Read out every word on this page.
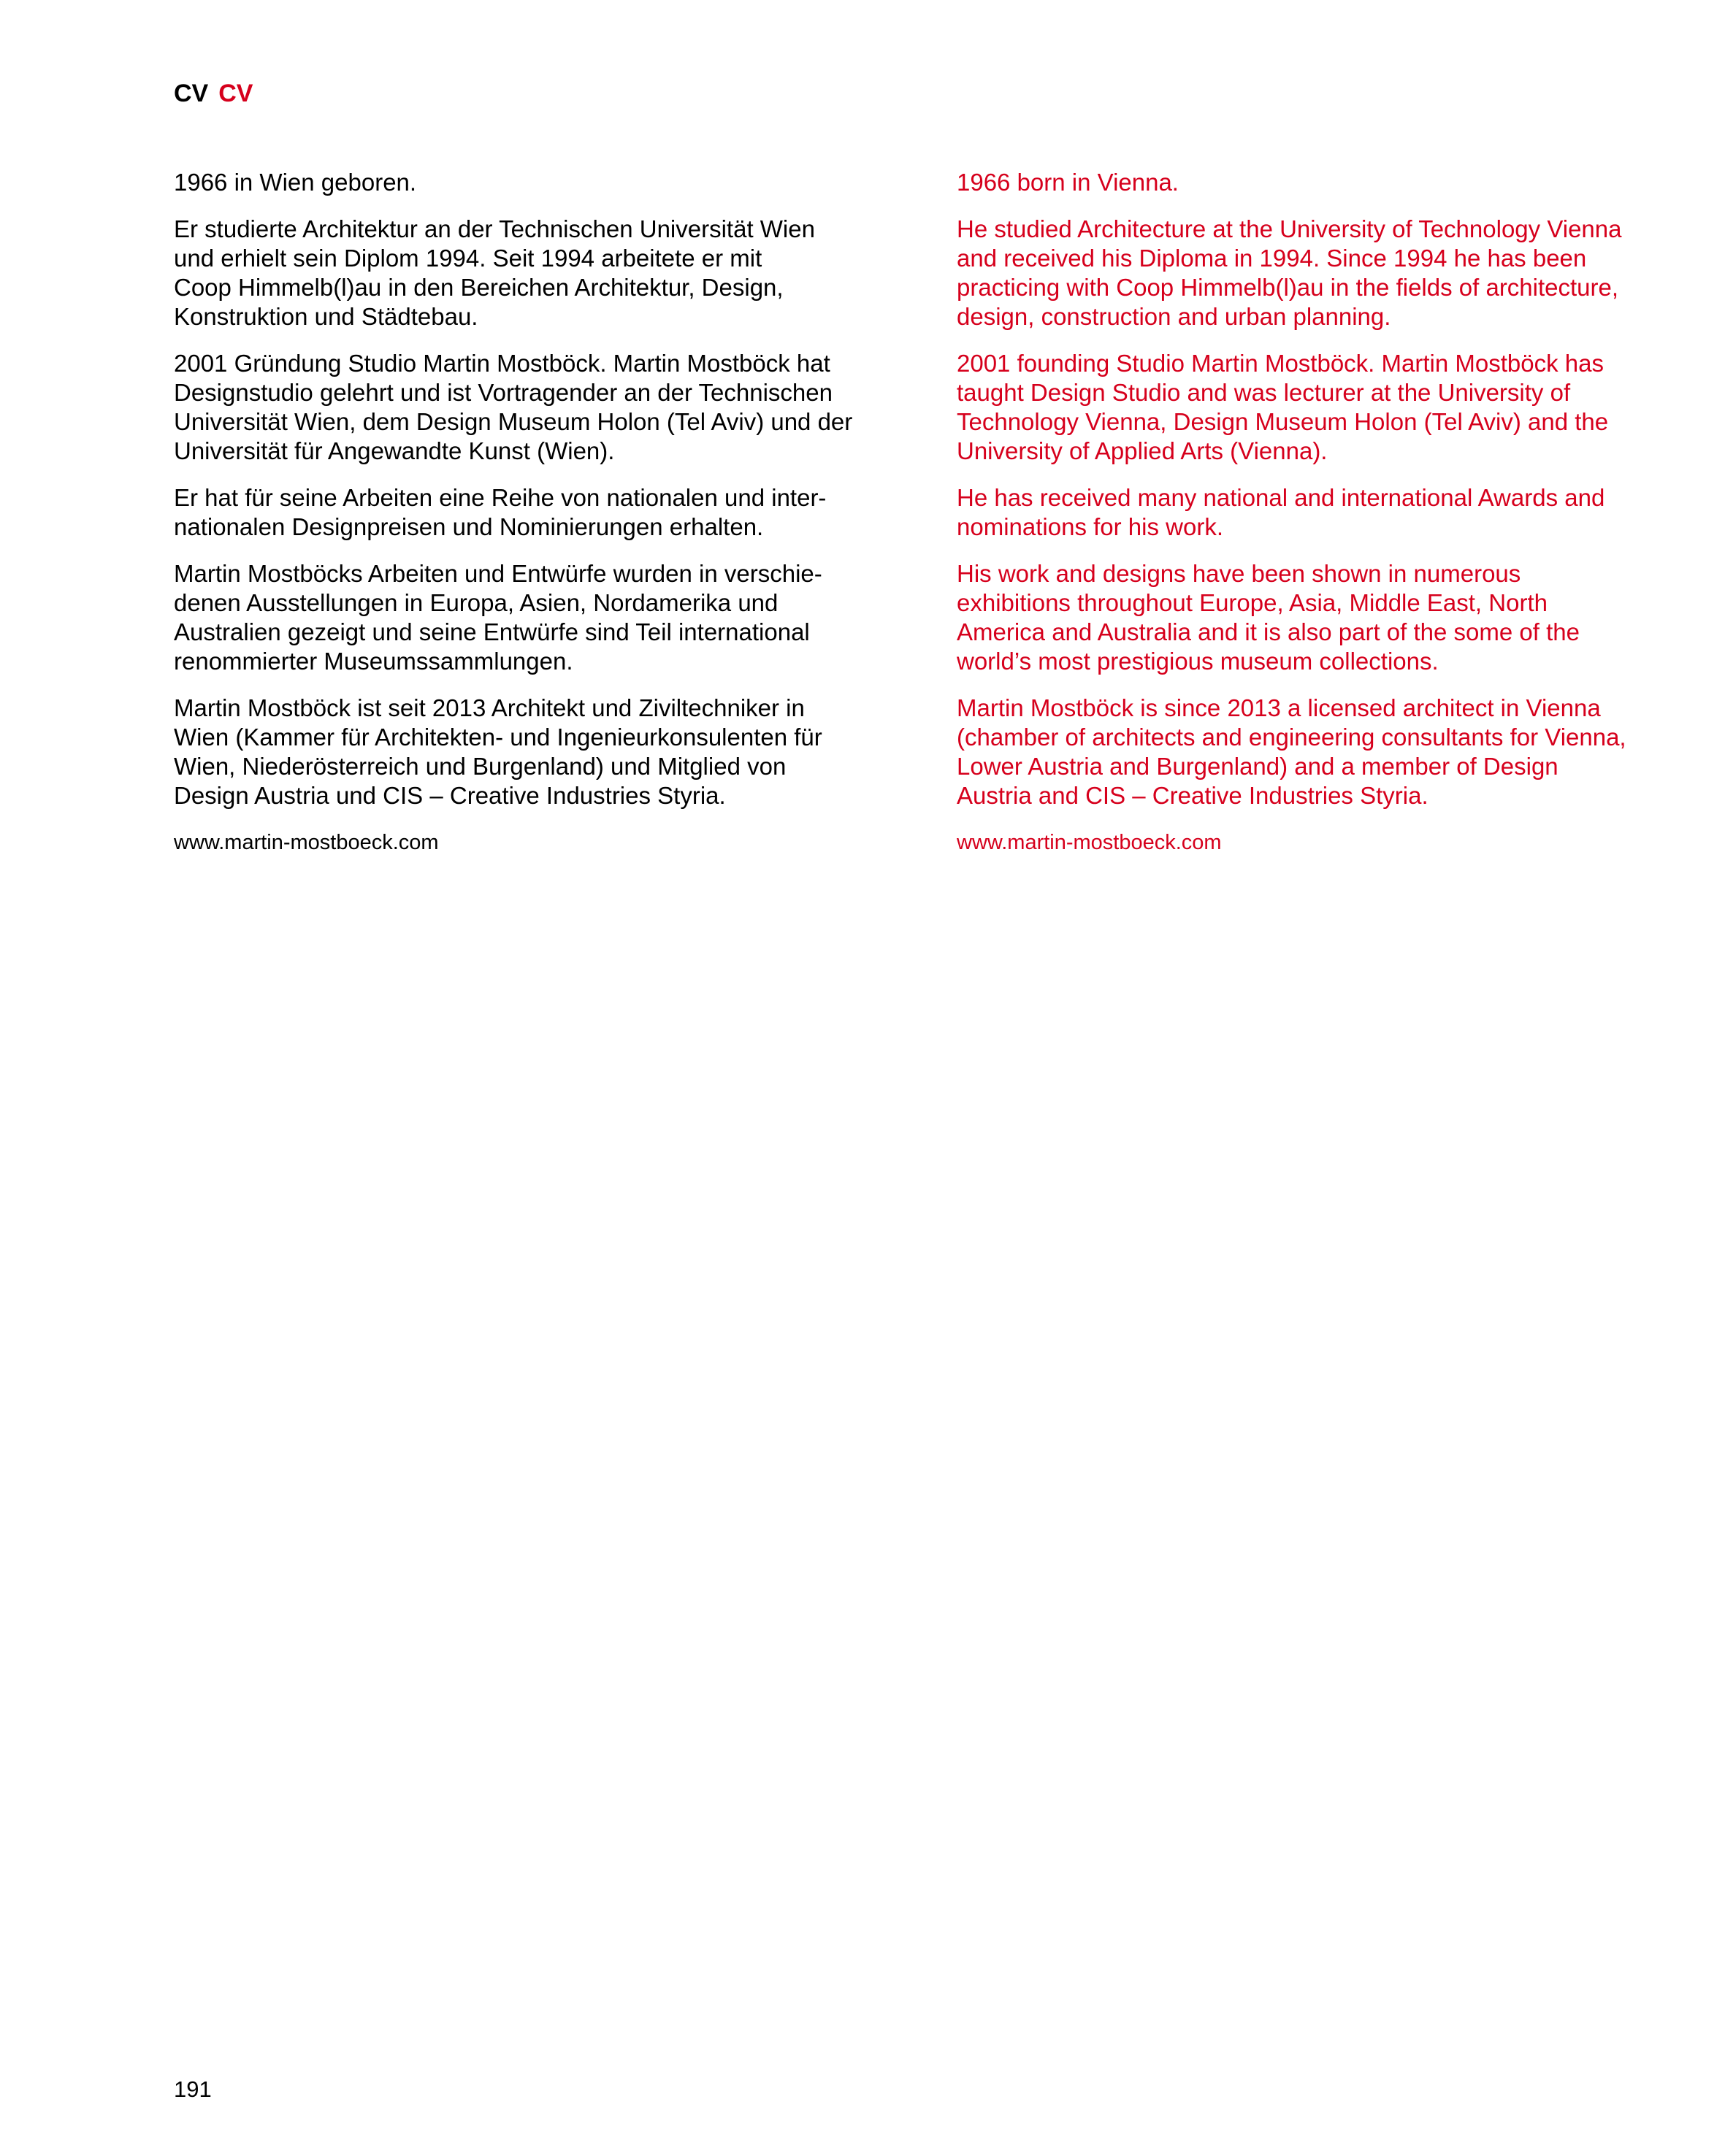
CV CV

1966 in Wien geboren.

Er studierte Architektur an der Technischen Universität Wien
und erhielt sein Diplom 1994. Seit 1994 arbeitete er mit
Coop Himmelb(l)au in den Bereichen Architektur, Design,
Konstruktion und Städtebau.

2001 Gründung Studio Martin Mostböck. Martin Mostböck hat
Designstudio gelehrt und ist Vortragender an der Technischen
Universität Wien, dem Design Museum Holon (Tel Aviv) und der
Universität für Angewandte Kunst (Wien).

Er hat für seine Arbeiten eine Reihe von nationalen und inter-
nationalen Designpreisen und Nominierungen erhalten.

Martin Mostböcks Arbeiten und Entwürfe wurden in verschie-
denen Ausstellungen in Europa, Asien, Nordamerika und
Australien gezeigt und seine Entwürfe sind Teil international
renommierter Museumssammlungen.

Martin Mostböck ist seit 2013 Architekt und Ziviltechniker in
Wien (Kammer für Architekten- und Ingenieurkonsulenten für
Wien, Niederösterreich und Burgenland) und Mitglied von
Design Austria und CIS – Creative Industries Styria.

www.martin-mostboeck.com

1966 born in Vienna.

He studied Architecture at the University of Technology Vienna
and received his Diploma in 1994. Since 1994 he has been
practicing with Coop Himmelb(l)au in the fields of architecture,
design, construction and urban planning.

2001 founding Studio Martin Mostböck. Martin Mostböck has
taught Design Studio and was lecturer at the University of
Technology Vienna, Design Museum Holon (Tel Aviv) and the
University of Applied Arts (Vienna).

He has received many national and international Awards and
nominations for his work.

His work and designs have been shown in numerous
exhibitions throughout Europe, Asia, Middle East, North
America and Australia and it is also part of the some of the
world’s most prestigious museum collections.

Martin Mostböck is since 2013 a licensed architect in Vienna
(chamber of architects and engineering consultants for Vienna,
Lower Austria and Burgenland) and a member of Design
Austria and CIS – Creative Industries Styria.

www.martin-mostboeck.com

191
